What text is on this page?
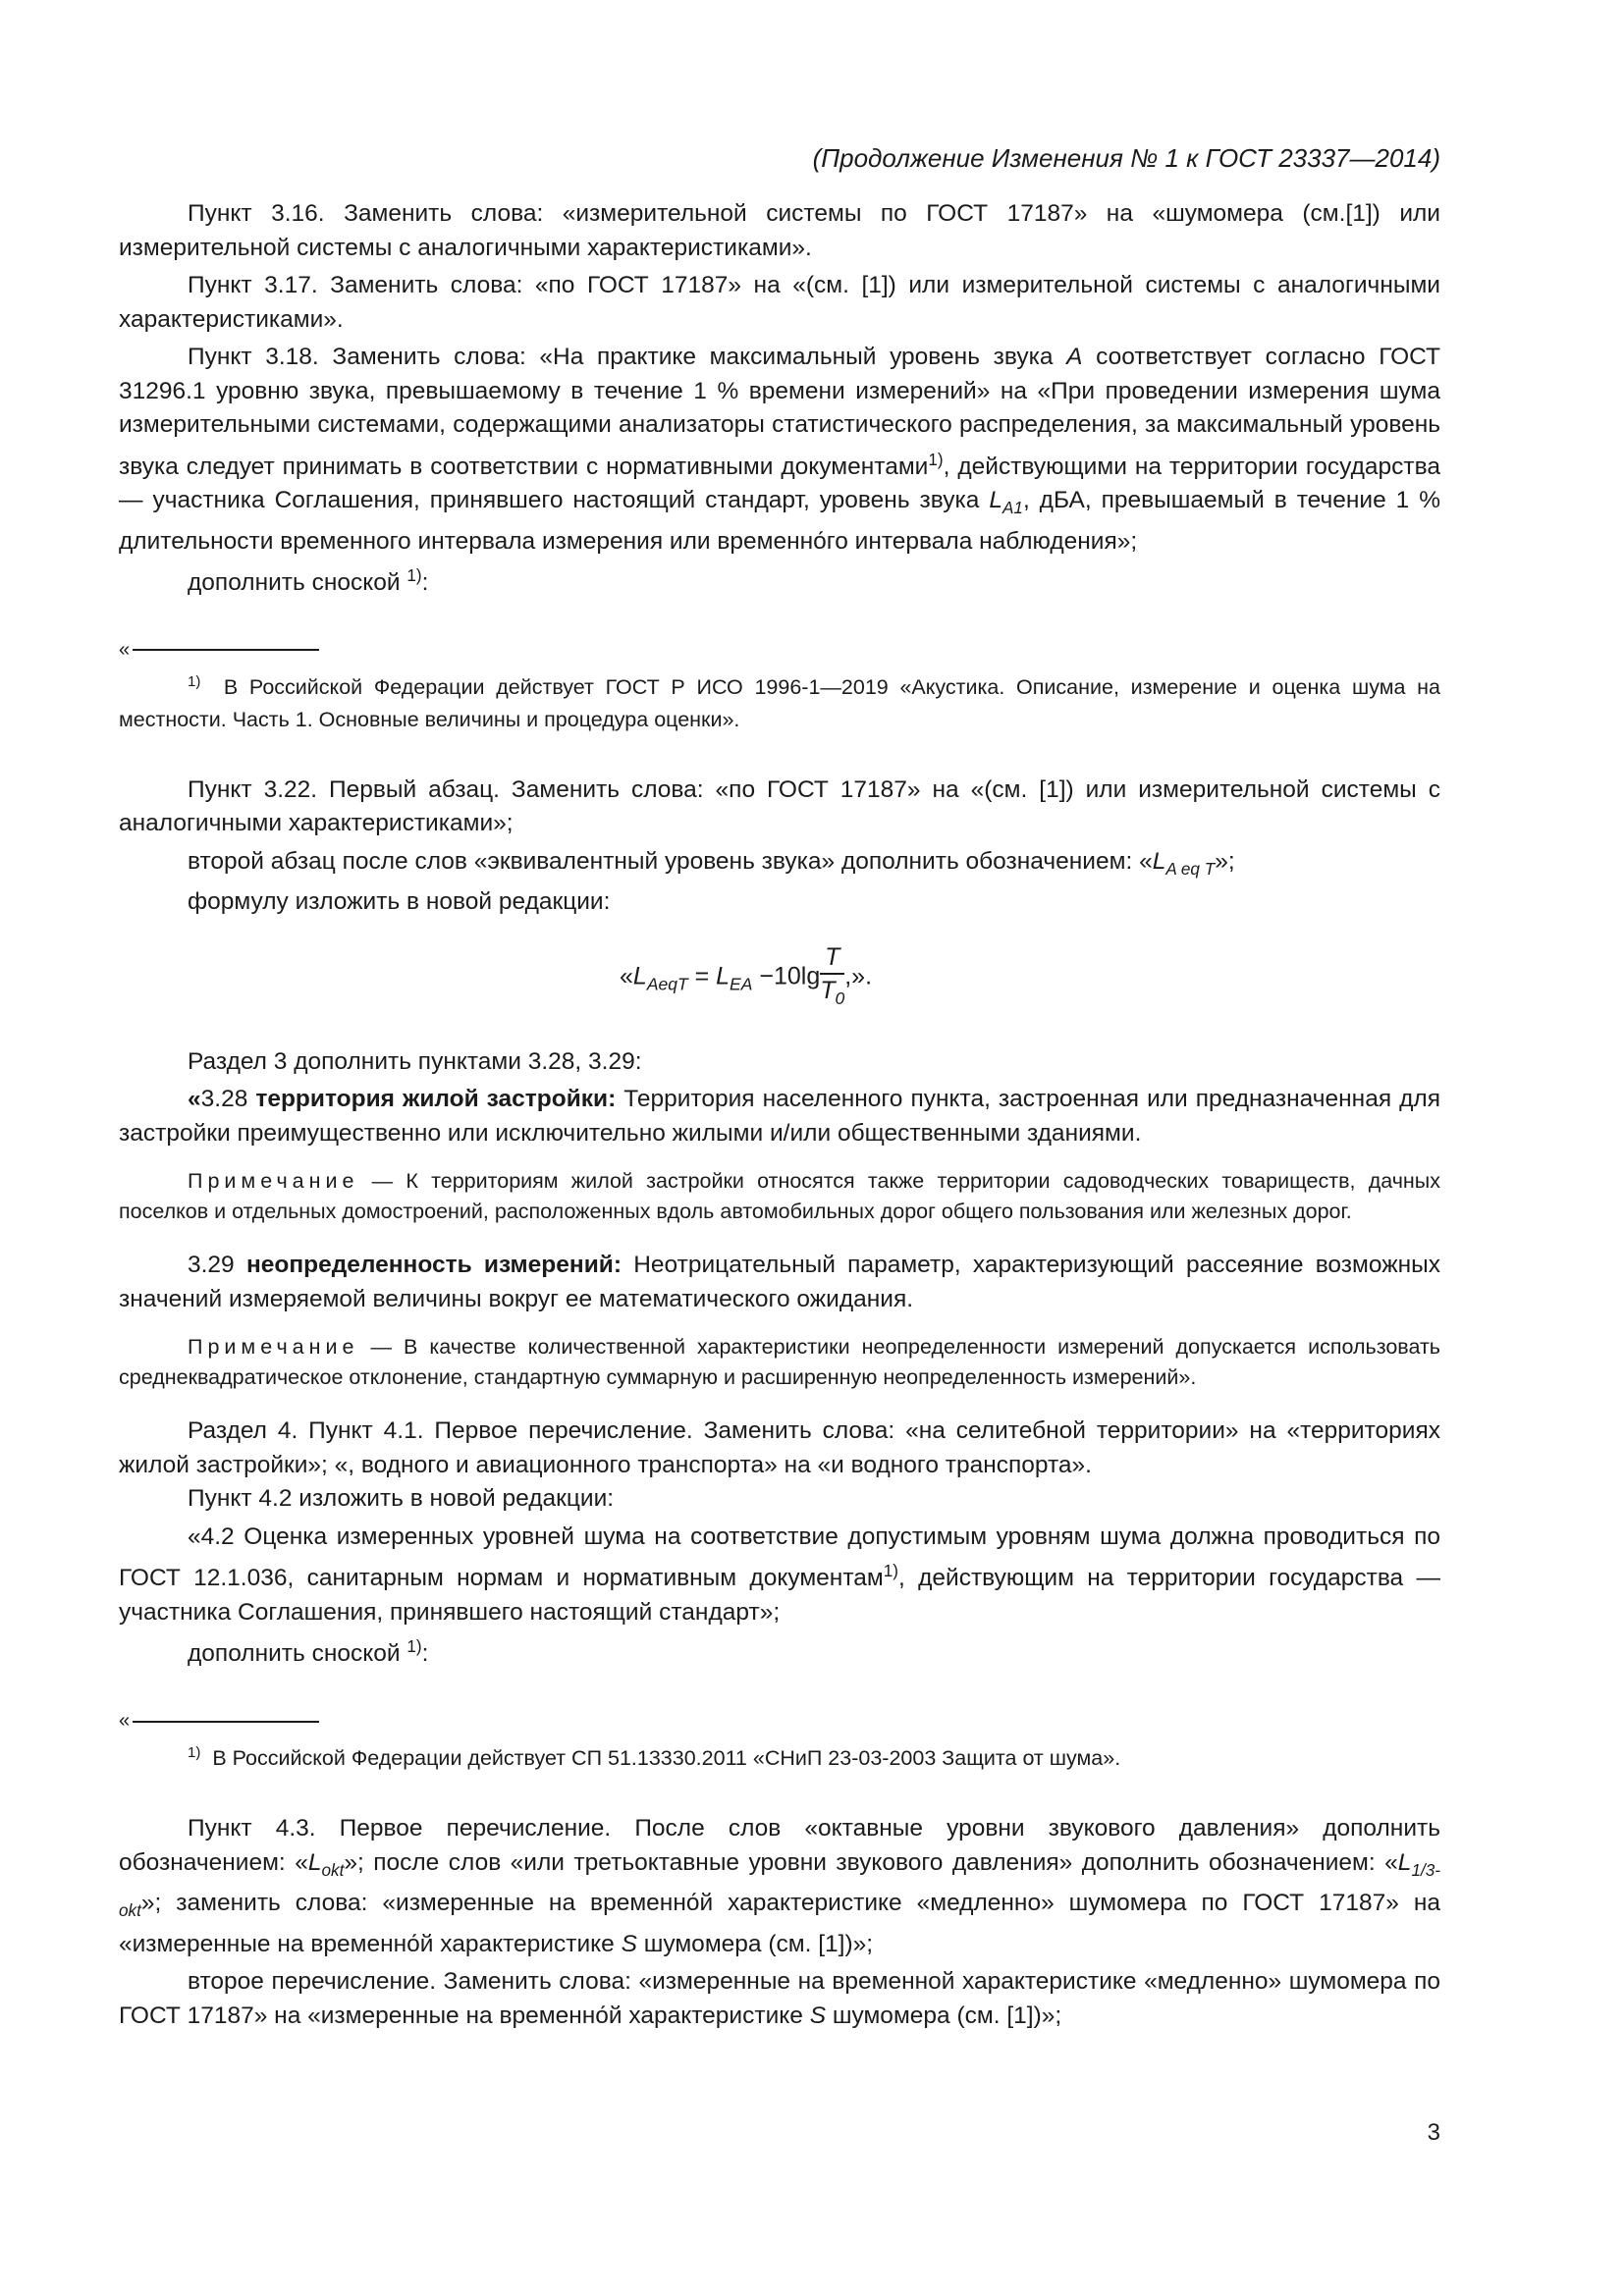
(Продолжение Изменения № 1 к ГОСТ 23337—2014)

Пункт 3.16. Заменить слова: «измерительной системы по ГОСТ 17187» на «шумомера (см.[1]) или измерительной системы с аналогичными характеристиками».

Пункт 3.17. Заменить слова: «по ГОСТ 17187» на «(см. [1]) или измерительной системы с аналогичными характеристиками».

Пункт 3.18. Заменить слова: «На практике максимальный уровень звука A соответствует согласно ГОСТ 31296.1 уровню звука, превышаемому в течение 1 % времени измерений» на «При проведении измерения шума измерительными системами, содержащими анализаторы статистического распределения, за максимальный уровень звука следует принимать в соответствии с нормативными документами$^{1)}$, действующими на территории государства — участника Соглашения, принявшего настоящий стандарт, уровень звука $L_{A1}$, дБА, превышаемый в течение 1 % длительности временного интервала измерения или временно́го интервала наблюдения»;

дополнить сноской $^{1)}$:

«

$^{1)}$ В Российской Федерации действует ГОСТ Р ИСО 1996-1—2019 «Акустика. Описание, измерение и оценка шума на местности. Часть 1. Основные величины и процедура оценки».

Пункт 3.22. Первый абзац. Заменить слова: «по ГОСТ 17187» на «(см. [1]) или измерительной системы с аналогичными характеристиками»;

второй абзац после слов «эквивалентный уровень звука» дополнить обозначением: «$L_{A eq T}$»;

формулу изложить в новой редакции:

«$L_{AeqT} = L_{EA} -10\lg \frac{T}{T_0}$ ,».

Раздел 3 дополнить пунктами 3.28, 3.29:

«3.28 территория жилой застройки: Территория населенного пункта, застроенная или предназначенная для застройки преимущественно или исключительно жилыми и/или общественными зданиями.

Примечание — К территориям жилой застройки относятся также территории садоводческих товариществ, дачных поселков и отдельных домостроений, расположенных вдоль автомобильных дорог общего пользования или железных дорог.

3.29 неопределенность измерений: Неотрицательный параметр, характеризующий рассеяние возможных значений измеряемой величины вокруг ее математического ожидания.

Примечание — В качестве количественной характеристики неопределенности измерений допускается использовать среднеквадратическое отклонение, стандартную суммарную и расширенную неопределенность измерений».

Раздел 4. Пункт 4.1. Первое перечисление. Заменить слова: «на селитебной территории» на «территориях жилой застройки»; «, водного и авиационного транспорта» на «и водного транспорта».

Пункт 4.2 изложить в новой редакции:

«4.2 Оценка измеренных уровней шума на соответствие допустимым уровням шума должна проводиться по ГОСТ 12.1.036, санитарным нормам и нормативным документам$^{1)}$, действующим на территории государства — участника Соглашения, принявшего настоящий стандарт»;

дополнить сноской $^{1)}$:

«

$^{1)}$ В Российской Федерации действует СП 51.13330.2011 «СНиП 23-03-2003 Защита от шума».

Пункт 4.3. Первое перечисление. После слов «октавные уровни звукового давления» дополнить обозначением: «$L_{okt}$»; после слов «или третьоктавные уровни звукового давления» дополнить обозначением: «$L_{1/3-okt}$»; заменить слова: «измеренные на временно́й характеристике «медленно» шумомера по ГОСТ 17187» на «измеренные на временно́й характеристике S шумомера (см. [1])»;

второе перечисление. Заменить слова: «измеренные на временной характеристике «медленно» шумомера по ГОСТ 17187» на «измеренные на временно́й характеристике S шумомера (см. [1])»;

3
